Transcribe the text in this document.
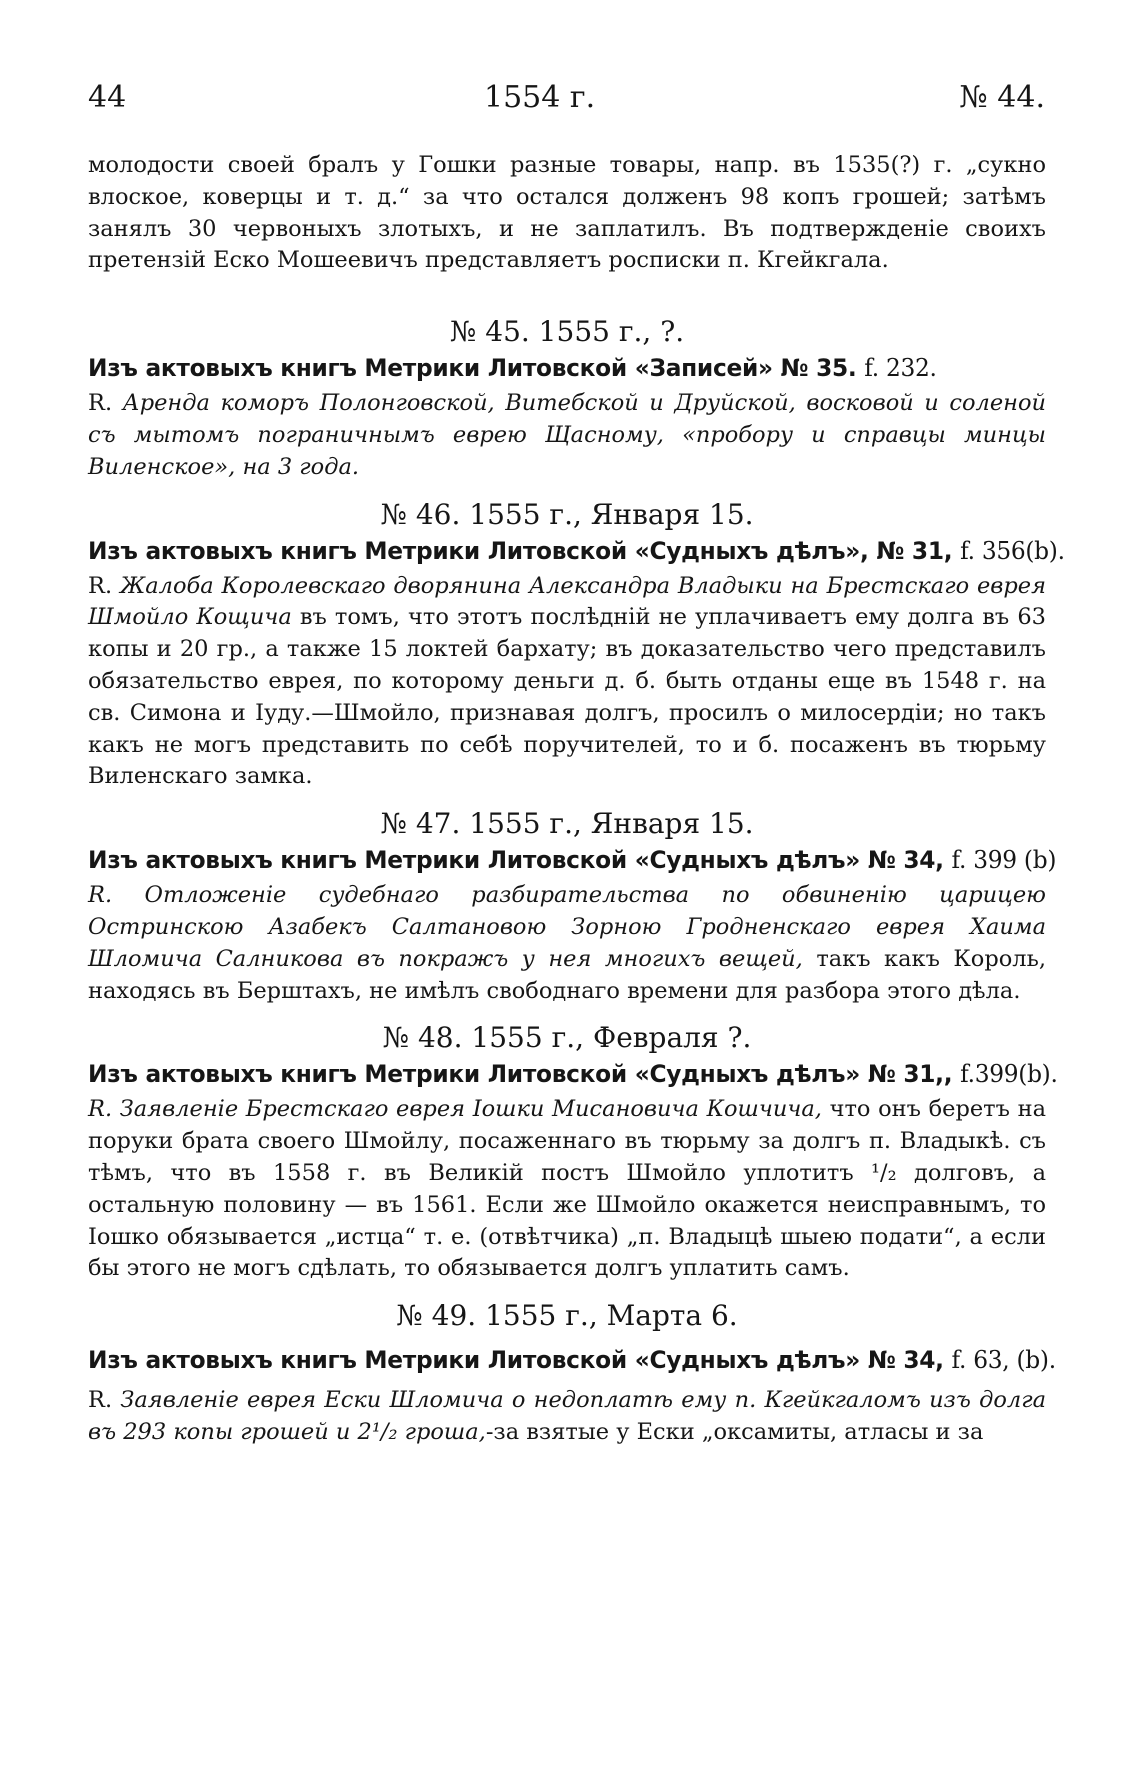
44	1554 г.	№ 44.

молодости своей бралъ у Гошки разные товары, напр. въ 1535(?) г. „сукно влоское, коверцы и т. д.“ за что остался долженъ 98 копъ грошей; затѣмъ занялъ 30 червоныхъ злотыхъ, и не заплатилъ. Въ подтвержденіе своихъ претензій Еско Мошеевичъ представляетъ росписки п. Кгейкгала.

№ 45. 1555 г., ?.

Изъ актовыхъ книгъ Метрики Литовской «Записей» № 35. f. 232.

R. Аренда коморъ Полонговской, Витебской и Друйской, восковой и соленой съ мытомъ пограничнымъ еврею Щасному, «пробору и справцы минцы Виленское», на 3 года.

№ 46. 1555 г., Января 15.

Изъ актовыхъ книгъ Метрики Литовской «Судныхъ дѣлъ», № 31, f. 356(b).

R. Жалоба Королевскаго дворянина Александра Владыки на Брестскаго еврея Шмойло Кощича въ томъ, что этотъ послѣдній не уплачиваетъ ему долга въ 63 копы и 20 гр., а также 15 локтей бархату; въ доказательство чего представилъ обязательство еврея, по которому деньги д. б. быть отданы еще въ 1548 г. на св. Симона и Іуду.—Шмойло, признавая долгъ, просилъ о милосердіи; но такъ какъ не могъ представить по себѣ поручителей, то и б. посаженъ въ тюрьму Виленскаго замка.

№ 47. 1555 г., Января 15.

Изъ актовыхъ книгъ Метрики Литовской «Судныхъ дѣлъ» № 34, f. 399 (b)

R. Отложеніе судебнаго разбирательства по обвиненію царицею Остринскою Азабекъ Салтановою Зорною Гродненскаго еврея Хаима Шломича Салникова въ покражъ у нея многихъ вещей, такъ какъ Король, находясь въ Берштахъ, не имѣлъ свободнаго времени для разбора этого дѣла.

№ 48. 1555 г., Февраля ?.

Изъ актовыхъ книгъ Метрики Литовской «Судныхъ дѣлъ» № 31,, f.399(b).

R. Заявленіе Брестскаго еврея Іошки Мисановича Кошчича, что онъ беретъ на поруки брата своего Шмойлу, посаженнаго въ тюрьму за долгъ п. Владыкѣ. съ тѣмъ, что въ 1558 г. въ Великій постъ Шмойло уплотитъ ¹/₂ долговъ, а остальную половину — въ 1561. Если же Шмойло окажется неисправнымъ, то Іошко обязывается „истца“ т. е. (отвѣтчика) „п. Владыцѣ шыею подати“, а если бы этого не могъ сдѣлать, то обязывается долгъ уплатить самъ.

№ 49. 1555 г., Марта 6.

Изъ актовыхъ книгъ Метрики Литовской «Судныхъ дѣлъ» № 34, f. 63, (b).

R. Заявленіе еврея Ески Шломича о недоплатѣ ему п. Кгейкгаломъ изъ долга въ 293 копы грошей и 2¹/₂ гроша,-за взятые у Ески „оксамиты, атласы и за
